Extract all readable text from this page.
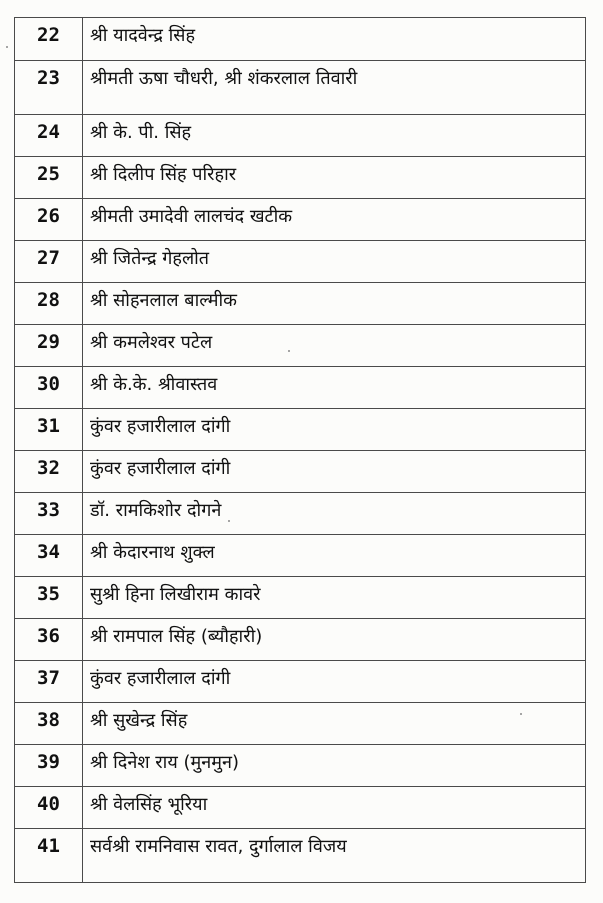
22	श्री यादवेन्द्र सिंह
23	श्रीमती ऊषा चौधरी, श्री शंकरलाल तिवारी
24	श्री के. पी. सिंह
25	श्री दिलीप सिंह परिहार
26	श्रीमती उमादेवी लालचंद खटीक
27	श्री जितेन्द्र गेहलोत
28	श्री सोहनलाल बाल्मीक
29	श्री कमलेश्वर पटेल
30	श्री के.के. श्रीवास्तव
31	कुंवर हजारीलाल दांगी
32	कुंवर हजारीलाल दांगी
33	डॉ. रामकिशोर दोगने
34	श्री केदारनाथ शुक्ल
35	सुश्री हिना लिखीराम कावरे
36	श्री रामपाल सिंह (ब्यौहारी)
37	कुंवर हजारीलाल दांगी
38	श्री सुखेन्द्र सिंह
39	श्री दिनेश राय (मुनमुन)
40	श्री वेलसिंह भूरिया
41	सर्वश्री रामनिवास रावत, दुर्गालाल विजय
